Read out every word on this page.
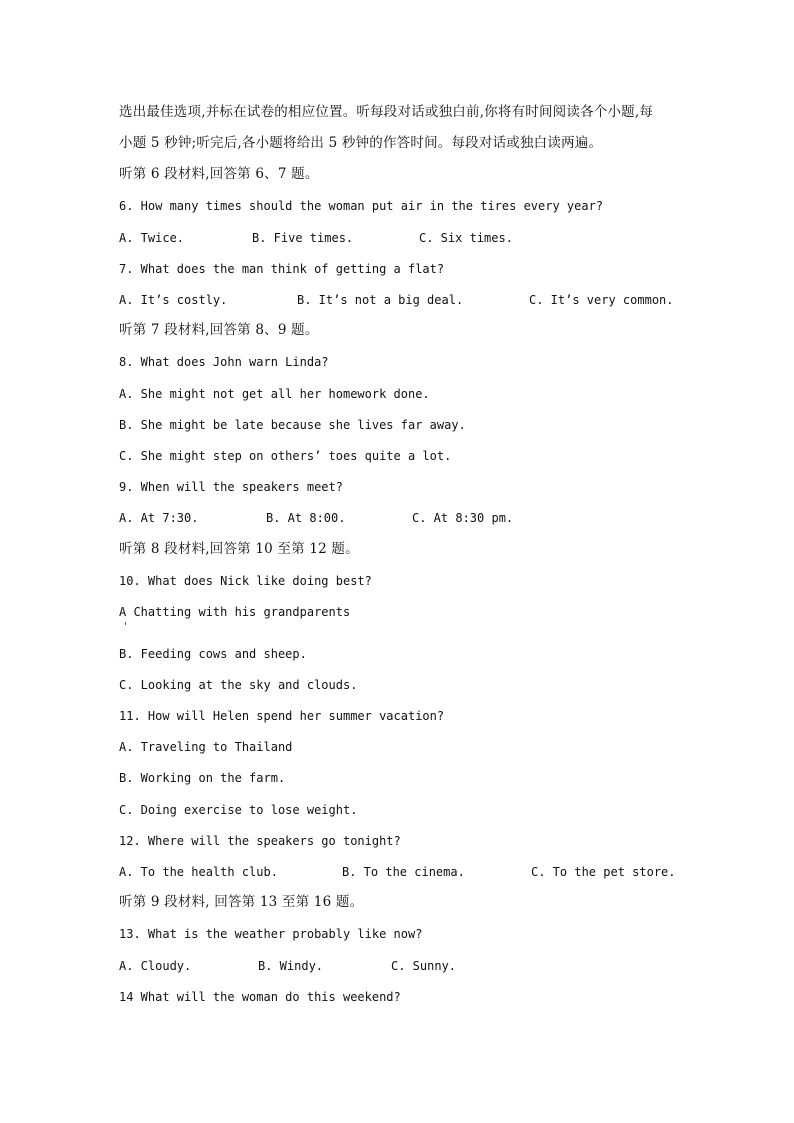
选出最佳选项,并标在试卷的相应位置。听每段对话或独白前,你将有时间阅读各个小题,每
小题 5 秒钟;听完后,各小题将给出 5 秒钟的作答时间。每段对话或独白读两遍。
听第 6 段材料,回答第 6、7 题。
6. How many times should the woman put air in the tires every year?
A. Twice.	B. Five times.	C. Six times.
7. What does the man think of getting a flat?
A. It’s costly.	B. It’s not a big deal.	C. It’s very common.
听第 7 段材料,回答第 8、9 题。
8. What does John warn Linda?
A. She might not get all her homework done.
B. She might be late because she lives far away.
C. She might step on others’ toes quite a lot.
9. When will the speakers meet?
A. At 7:30.	B. At 8:00.	C. At 8:30 pm.
听第 8 段材料,回答第 10 至第 12 题。
10. What does Nick like doing best?
A Chatting with his grandparents
B. Feeding cows and sheep.
C. Looking at the sky and clouds.
11. How will Helen spend her summer vacation?
A. Traveling to Thailand
B. Working on the farm.
C. Doing exercise to lose weight.
12. Where will the speakers go tonight?
A. To the health club.	B. To the cinema.	C. To the pet store.
听第 9 段材料, 回答第 13 至第 16 题。
13. What is the weather probably like now?
A. Cloudy.	B. Windy.	C. Sunny.
14 What will the woman do this weekend?
